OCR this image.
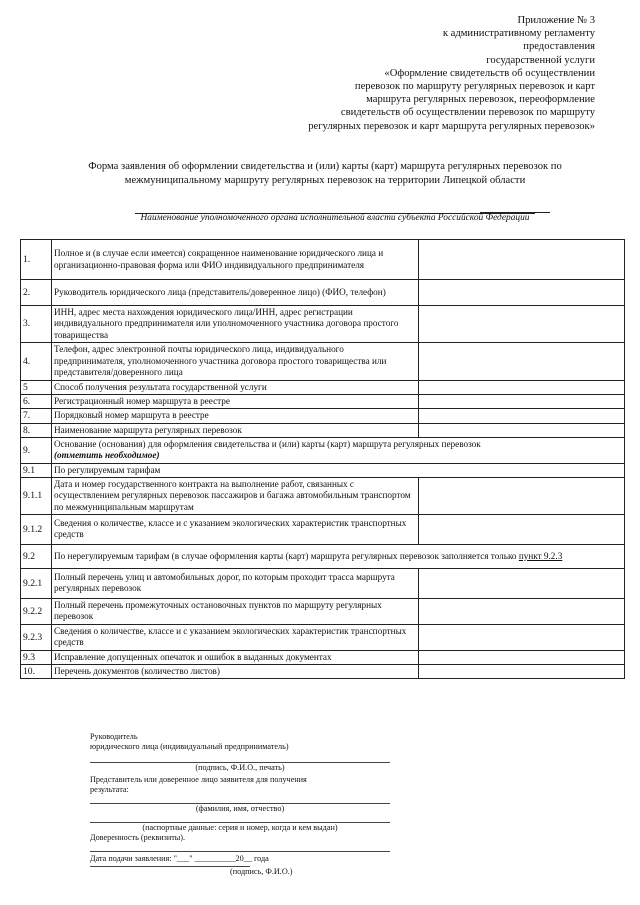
Приложение № 3
к административному регламенту
предоставления
государственной услуги
«Оформление свидетельств об осуществлении
перевозок по маршруту регулярных перевозок и карт
маршрута регулярных перевозок, переоформление
свидетельств об осуществлении перевозок по маршруту
регулярных перевозок и карт маршрута регулярных перевозок»
Форма заявления об оформлении свидетельства и (или) карты (карт) маршрута регулярных перевозок по межмуниципальному маршруту регулярных перевозок на территории Липецкой области
Наименование уполномоченного органа исполнительной власти субъекта Российской Федерации
1.	Полное и (в случае если имеется) сокращенное наименование юридического лица и организационно-правовая форма или ФИО индивидуального предпринимателя	
2.	Руководитель юридического лица (представитель/доверенное лицо) (ФИО, телефон)	
3.	ИНН, адрес места нахождения юридического лица/ИНН, адрес регистрации индивидуального предпринимателя или уполномоченного участника договора простого товарищества	
4.	Телефон, адрес электронной почты юридического лица, индивидуального предпринимателя, уполномоченного участника договора простого товарищества или представителя/доверенного лица	
5	Способ получения результата государственной услуги	
6.	Регистрационный номер маршрута в реестре	
7.	Порядковый номер маршрута в реестре	
8.	Наименование маршрута регулярных перевозок	
9.	Основание (основания) для оформления свидетельства и (или) карты (карт) маршрута регулярных перевозок
(отметить необходимое)	
9.1	По регулируемым тарифам	
9.1.1	Дата и номер государственного контракта на выполнение работ, связанных с осуществлением регулярных перевозок пассажиров и багажа автомобильным транспортом по межмуниципальным маршрутам	
9.1.2	Сведения о количестве, классе и с указанием экологических характеристик транспортных средств	
9.2	По нерегулируемым тарифам (в случае оформления карты (карт) маршрута регулярных перевозок заполняется только пункт 9.2.3	
9.2.1	Полный перечень улиц и автомобильных дорог, по которым проходит трасса маршрута регулярных перевозок	
9.2.2	Полный перечень промежуточных остановочных пунктов по маршруту регулярных перевозок	
9.2.3	Сведения о количестве, классе и с указанием экологических характеристик транспортных средств	
9.3	Исправление допущенных опечаток и ошибок в выданных документах	
10.	Перечень документов (количество листов)	
Руководитель
юридического лица (индивидуальный предприниматель)
(подпись, Ф.И.О., печать)
Представитель или доверенное лицо заявителя для получения
результата:
(фамилия, имя, отчество)
(паспортные данные: серия и номер, когда и кем выдан)
Доверенность (реквизиты).
Дата подачи заявления: "___" __________20__ года
(подпись, Ф.И.О.)
